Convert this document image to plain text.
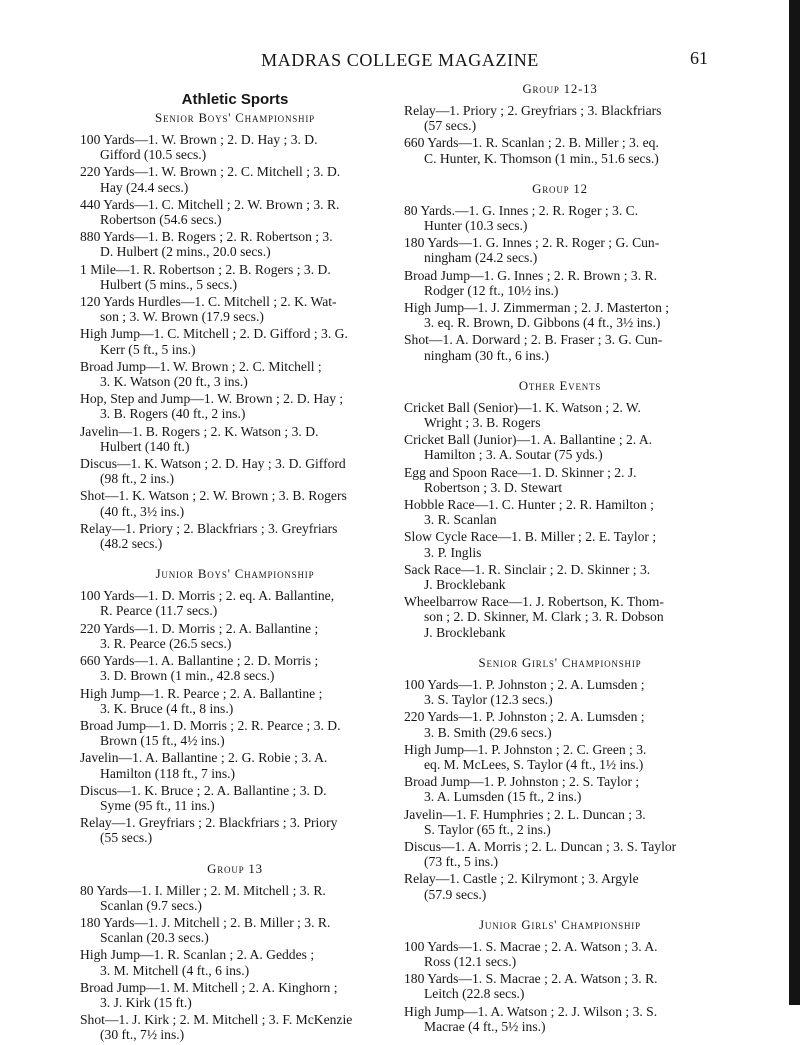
MADRAS COLLEGE MAGAZINE	61
Athletic Sports
Senior Boys' Championship
100 Yards—1. W. Brown ; 2. D. Hay ; 3. D.
Gifford (10.5 secs.)
220 Yards—1. W. Brown ; 2. C. Mitchell ; 3. D.
Hay (24.4 secs.)
440 Yards—1. C. Mitchell ; 2. W. Brown ; 3. R.
Robertson (54.6 secs.)
880 Yards—1. B. Rogers ; 2. R. Robertson ; 3.
D. Hulbert (2 mins., 20.0 secs.)
1 Mile—1. R. Robertson ; 2. B. Rogers ; 3. D.
Hulbert (5 mins., 5 secs.)
120 Yards Hurdles—1. C. Mitchell ; 2. K. Wat-
son ; 3. W. Brown (17.9 secs.)
High Jump—1. C. Mitchell ; 2. D. Gifford ; 3. G.
Kerr (5 ft., 5 ins.)
Broad Jump—1. W. Brown ; 2. C. Mitchell ;
3. K. Watson (20 ft., 3 ins.)
Hop, Step and Jump—1. W. Brown ; 2. D. Hay ;
3. B. Rogers (40 ft., 2 ins.)
Javelin—1. B. Rogers ; 2. K. Watson ; 3. D.
Hulbert (140 ft.)
Discus—1. K. Watson ; 2. D. Hay ; 3. D. Gifford
(98 ft., 2 ins.)
Shot—1. K. Watson ; 2. W. Brown ; 3. B. Rogers
(40 ft., 3½ ins.)
Relay—1. Priory ; 2. Blackfriars ; 3. Greyfriars
(48.2 secs.)
Junior Boys' Championship
100 Yards—1. D. Morris ; 2. eq. A. Ballantine,
R. Pearce (11.7 secs.)
220 Yards—1. D. Morris ; 2. A. Ballantine ;
3. R. Pearce (26.5 secs.)
660 Yards—1. A. Ballantine ; 2. D. Morris ;
3. D. Brown (1 min., 42.8 secs.)
High Jump—1. R. Pearce ; 2. A. Ballantine ;
3. K. Bruce (4 ft., 8 ins.)
Broad Jump—1. D. Morris ; 2. R. Pearce ; 3. D.
Brown (15 ft., 4½ ins.)
Javelin—1. A. Ballantine ; 2. G. Robie ; 3. A.
Hamilton (118 ft., 7 ins.)
Discus—1. K. Bruce ; 2. A. Ballantine ; 3. D.
Syme (95 ft., 11 ins.)
Relay—1. Greyfriars ; 2. Blackfriars ; 3. Priory
(55 secs.)
Group 13
80 Yards—1. I. Miller ; 2. M. Mitchell ; 3. R.
Scanlan (9.7 secs.)
180 Yards—1. J. Mitchell ; 2. B. Miller ; 3. R.
Scanlan (20.3 secs.)
High Jump—1. R. Scanlan ; 2. A. Geddes ;
3. M. Mitchell (4 ft., 6 ins.)
Broad Jump—1. M. Mitchell ; 2. A. Kinghorn ;
3. J. Kirk (15 ft.)
Shot—1. J. Kirk ; 2. M. Mitchell ; 3. F. McKenzie
(30 ft., 7½ ins.)
Group 12-13
Relay—1. Priory ; 2. Greyfriars ; 3. Blackfriars
(57 secs.)
660 Yards—1. R. Scanlan ; 2. B. Miller ; 3. eq.
C. Hunter, K. Thomson (1 min., 51.6 secs.)
Group 12
80 Yards.—1. G. Innes ; 2. R. Roger ; 3. C.
Hunter (10.3 secs.)
180 Yards—1. G. Innes ; 2. R. Roger ; G. Cun-
ningham (24.2 secs.)
Broad Jump—1. G. Innes ; 2. R. Brown ; 3. R.
Rodger (12 ft., 10½ ins.)
High Jump—1. J. Zimmerman ; 2. J. Masterton ;
3. eq. R. Brown, D. Gibbons (4 ft., 3½ ins.)
Shot—1. A. Dorward ; 2. B. Fraser ; 3. G. Cun-
ningham (30 ft., 6 ins.)
Other Events
Cricket Ball (Senior)—1. K. Watson ; 2. W.
Wright ; 3. B. Rogers
Cricket Ball (Junior)—1. A. Ballantine ; 2. A.
Hamilton ; 3. A. Soutar (75 yds.)
Egg and Spoon Race—1. D. Skinner ; 2. J.
Robertson ; 3. D. Stewart
Hobble Race—1. C. Hunter ; 2. R. Hamilton ;
3. R. Scanlan
Slow Cycle Race—1. B. Miller ; 2. E. Taylor ;
3. P. Inglis
Sack Race—1. R. Sinclair ; 2. D. Skinner ; 3.
J. Brocklebank
Wheelbarrow Race—1. J. Robertson, K. Thom-
son ; 2. D. Skinner, M. Clark ; 3. R. Dobson
J. Brocklebank
Senior Girls' Championship
100 Yards—1. P. Johnston ; 2. A. Lumsden ;
3. S. Taylor (12.3 secs.)
220 Yards—1. P. Johnston ; 2. A. Lumsden ;
3. B. Smith (29.6 secs.)
High Jump—1. P. Johnston ; 2. C. Green ; 3.
eq. M. McLees, S. Taylor (4 ft., 1½ ins.)
Broad Jump—1. P. Johnston ; 2. S. Taylor ;
3. A. Lumsden (15 ft., 2 ins.)
Javelin—1. F. Humphries ; 2. L. Duncan ; 3.
S. Taylor (65 ft., 2 ins.)
Discus—1. A. Morris ; 2. L. Duncan ; 3. S. Taylor
(73 ft., 5 ins.)
Relay—1. Castle ; 2. Kilrymont ; 3. Argyle
(57.9 secs.)
Junior Girls' Championship
100 Yards—1. S. Macrae ; 2. A. Watson ; 3. A.
Ross (12.1 secs.)
180 Yards—1. S. Macrae ; 2. A. Watson ; 3. R.
Leitch (22.8 secs.)
High Jump—1. A. Watson ; 2. J. Wilson ; 3. S.
Macrae (4 ft., 5½ ins.)
